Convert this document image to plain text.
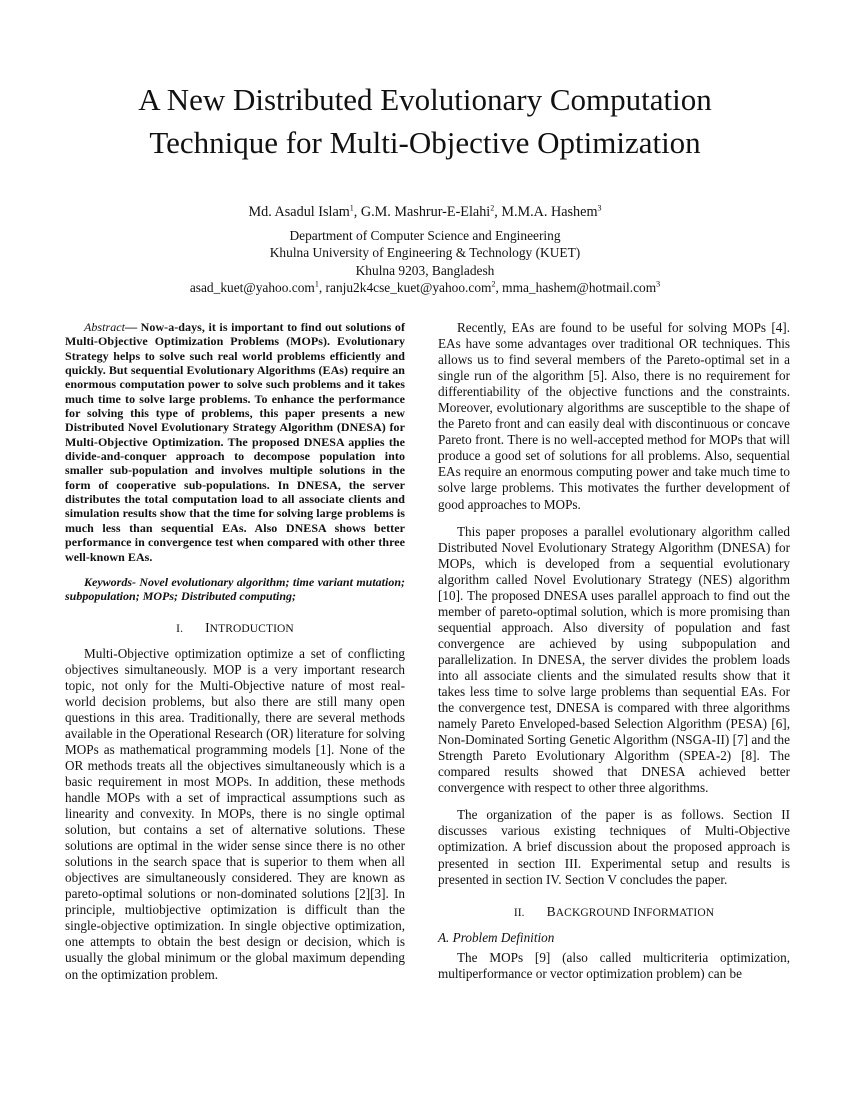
A New Distributed Evolutionary Computation
Technique for Multi-Objective Optimization
Md. Asadul Islam$^1$, G.M. Mashrur-E-Elahi$^2$, M.M.A. Hashem$^3$
Department of Computer Science and Engineering
Khulna University of Engineering & Technology (KUET)
Khulna 9203, Bangladesh
asad_kuet@yahoo.com$^1$, ranju2k4cse_kuet@yahoo.com$^2$, mma_hashem@hotmail.com$^3$

Abstract— Now-a-days, it is important to find out solutions of Multi-Objective Optimization Problems (MOPs). Evolutionary Strategy helps to solve such real world problems efficiently and quickly. But sequential Evolutionary Algorithms (EAs) require an enormous computation power to solve such problems and it takes much time to solve large problems. To enhance the performance for solving this type of problems, this paper presents a new Distributed Novel Evolutionary Strategy Algorithm (DNESA) for Multi-Objective Optimization. The proposed DNESA applies the divide-and-conquer approach to decompose population into smaller sub-population and involves multiple solutions in the form of cooperative sub-populations. In DNESA, the server distributes the total computation load to all associate clients and simulation results show that the time for solving large problems is much less than sequential EAs. Also DNESA shows better performance in convergence test when compared with other three well-known EAs.

Keywords- Novel evolutionary algorithm; time variant mutation; subpopulation; MOPs; Distributed computing;

I. INTRODUCTION

Multi-Objective optimization optimize a set of conflicting objectives simultaneously. MOP is a very important research topic, not only for the Multi-Objective nature of most real-world decision problems, but also there are still many open questions in this area. Traditionally, there are several methods available in the Operational Research (OR) literature for solving MOPs as mathematical programming models [1]. None of the OR methods treats all the objectives simultaneously which is a basic requirement in most MOPs. In addition, these methods handle MOPs with a set of impractical assumptions such as linearity and convexity. In MOPs, there is no single optimal solution, but contains a set of alternative solutions. These solutions are optimal in the wider sense since there is no other solutions in the search space that is superior to them when all objectives are simultaneously considered. They are known as pareto-optimal solutions or non-dominated solutions [2][3]. In principle, multiobjective optimization is difficult than the single-objective optimization. In single objective optimization, one attempts to obtain the best design or decision, which is usually the global minimum or the global maximum depending on the optimization problem.

Recently, EAs are found to be useful for solving MOPs [4]. EAs have some advantages over traditional OR techniques. This allows us to find several members of the Pareto-optimal set in a single run of the algorithm [5]. Also, there is no requirement for differentiability of the objective functions and the constraints. Moreover, evolutionary algorithms are susceptible to the shape of the Pareto front and can easily deal with discontinuous or concave Pareto front. There is no well-accepted method for MOPs that will produce a good set of solutions for all problems. Also, sequential EAs require an enormous computing power and take much time to solve large problems. This motivates the further development of good approaches to MOPs.

This paper proposes a parallel evolutionary algorithm called Distributed Novel Evolutionary Strategy Algorithm (DNESA) for MOPs, which is developed from a sequential evolutionary algorithm called Novel Evolutionary Strategy (NES) algorithm [10]. The proposed DNESA uses parallel approach to find out the member of pareto-optimal solution, which is more promising than sequential approach. Also diversity of population and fast convergence are achieved by using subpopulation and parallelization. In DNESA, the server divides the problem loads into all associate clients and the simulated results show that it takes less time to solve large problems than sequential EAs. For the convergence test, DNESA is compared with three algorithms namely Pareto Enveloped-based Selection Algorithm (PESA) [6], Non-Dominated Sorting Genetic Algorithm (NSGA-II) [7] and the Strength Pareto Evolutionary Algorithm (SPEA-2) [8]. The compared results showed that DNESA achieved better convergence with respect to other three algorithms.

The organization of the paper is as follows. Section II discusses various existing techniques of Multi-Objective optimization. A brief discussion about the proposed approach is presented in section III. Experimental setup and results is presented in section IV. Section V concludes the paper.

II. BACKGROUND INFORMATION

A. Problem Definition

The MOPs [9] (also called multicriteria optimization, multiperformance or vector optimization problem) can be
